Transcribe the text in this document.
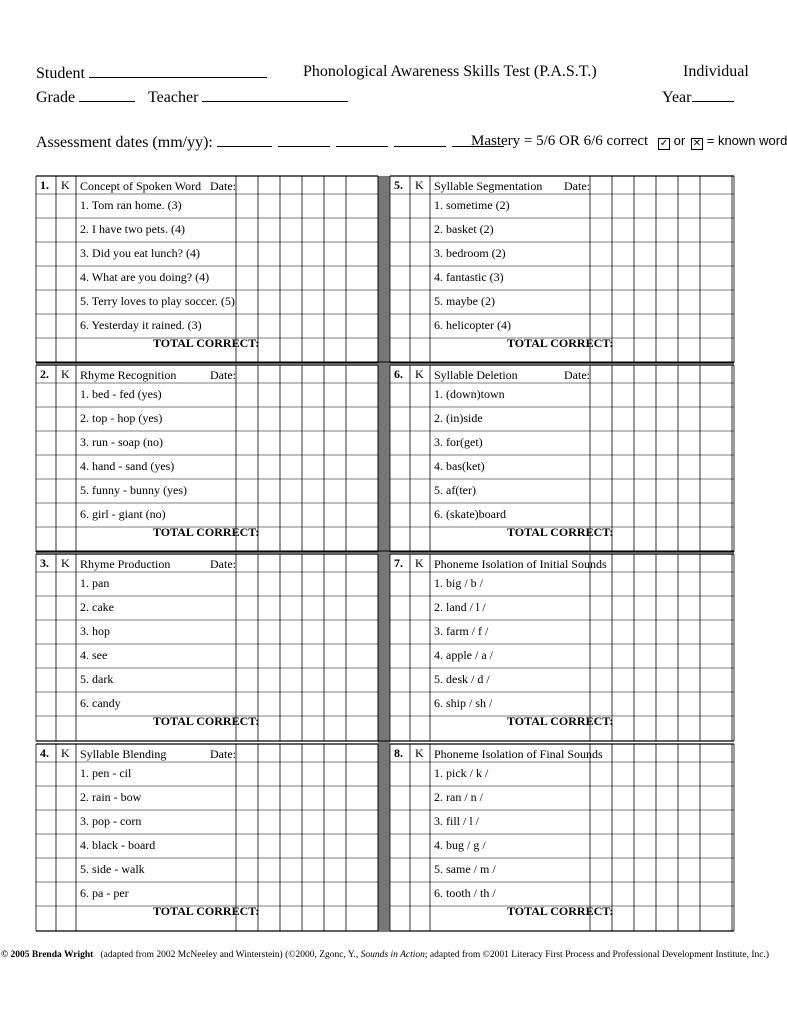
Student	Phonological Awareness Skills Test (P.A.S.T.)	Individual
Grade	Teacher	Year
Assessment dates (mm/yy):	Mastery = 5/6 OR 6/6 correct ✓ or ✕ = known word
1. K Concept of Spoken Word Date:
1. Tom ran home. (3)
2. I have two pets. (4)
3. Did you eat lunch? (4)
4. What are you doing? (4)
5. Terry loves to play soccer. (5)
6. Yesterday it rained. (3)
TOTAL CORRECT:
5. K Syllable Segmentation Date:
1. sometime (2)
2. basket (2)
3. bedroom (2)
4. fantastic (3)
5. maybe (2)
6. helicopter (4)
TOTAL CORRECT:
2. K Rhyme Recognition	Date:
1. bed - fed (yes)
2. top - hop (yes)
3. run - soap (no)
4. hand - sand (yes)
5. funny - bunny (yes)
6. girl - giant (no)
TOTAL CORRECT:
6. K Syllable Deletion	Date:
1. (down)town
2. (in)side
3. for(get)
4. bas(ket)
5. af(ter)
6. (skate)board
TOTAL CORRECT:
3. K Rhyme Production	Date:
1. pan
2. cake
3. hop
4. see
5. dark
6. candy
TOTAL CORRECT:
7. K Phoneme Isolation of Initial Sounds
1. big / b /
2. land / l /
3. farm / f /
4. apple / a /
5. desk / d /
6. ship / sh /
TOTAL CORRECT:
4. K Syllable Blending	Date:
1. pen - cil
2. rain - bow
3. pop - corn
4. black - board
5. side - walk
6. pa - per
TOTAL CORRECT:
8. K Phoneme Isolation of Final Sounds
1. pick / k /
2. ran / n /
3. fill / l /
4. bug / g /
5. same / m /
6. tooth / th /
TOTAL CORRECT:
© 2005 Brenda Wright (adapted from 2002 McNeeley and Winterstein) (©2000, Zgonc, Y., Sounds in Action; adapted from ©2001 Literacy First Process and Professional Development Institute, Inc.)
